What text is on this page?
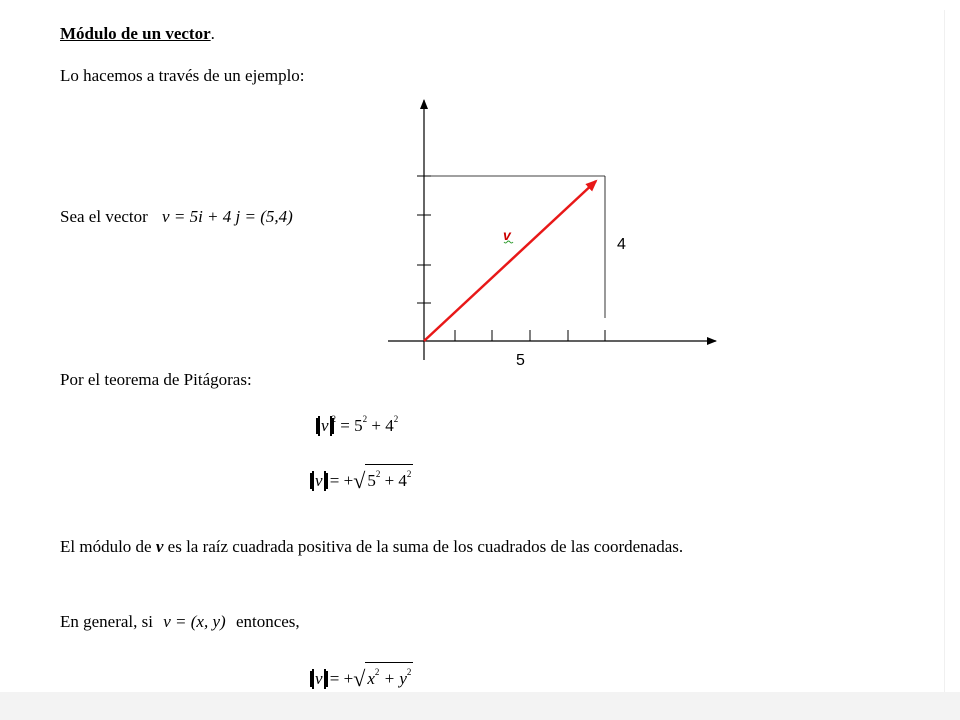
Módulo de un vector.
Lo hacemos a través de un ejemplo:
Sea el vector v = 5i + 4 j = (5,4)
v
5
4
Por el teorema de Pitágoras:
v $^2 = 5^2 + 4^2$
v = +√ $5^2 + 4^2$
El módulo de v es la raíz cuadrada positiva de la suma de los cuadrados de las coordenadas.
En general, si v = (x, y) entonces,
v = +√ $x^2 + y^2$
